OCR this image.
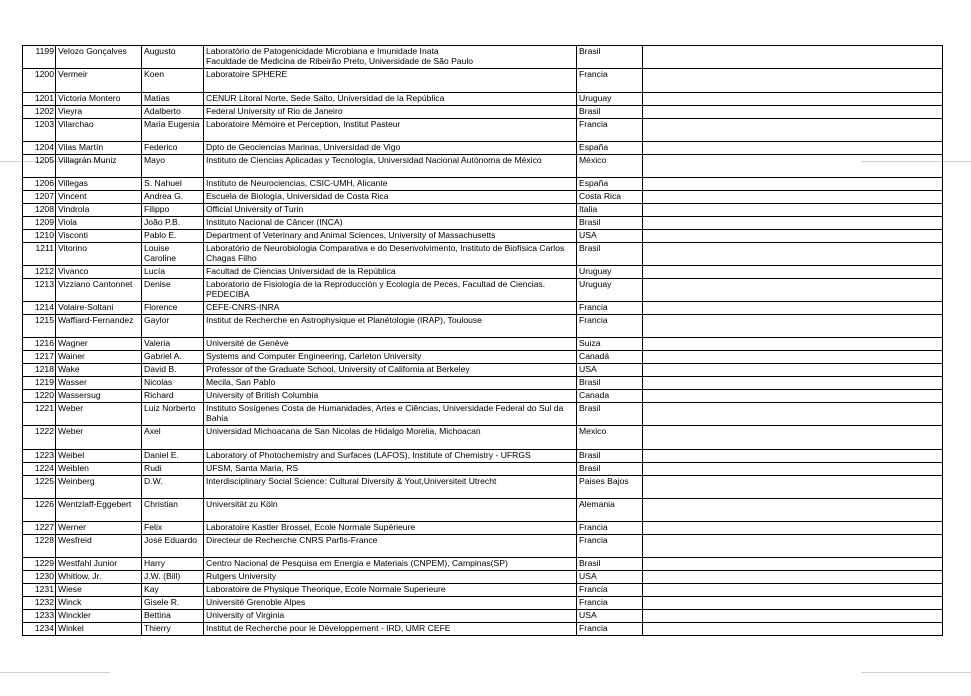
1199	Velozo Gonçalves	Augusto	Laboratório de Patogenicidade Microbiana e Imunidade Inata
Faculdade de Medicina de Ribeirão Preto, Universidade de São Paulo	Brasil	
1200	Vermeir	Koen	Laboratoire SPHERE	Francia	
1201	Victoria Montero	Matías	CENUR Litoral Norte, Sede Salto, Universidad de la República	Uruguay	
1202	Vieyra	Adalberto	Federal University of Rio de Janeiro	Brasil	
1203	Vilarchao	Maria Eugenia	Laboratoire Mémoire et Perception, Institut Pasteur	Francia	
1204	Vilas Martín	Federico	Dpto de Geociencias Marinas, Universidad de Vigo	España	
1205	Villagrán Muniz	Mayo	Instituto de Ciencias Aplicadas y Tecnología, Universidad Nacional Autónoma de México	México	
1206	Villegas	S. Nahuel	Instituto de Neurociencias, CSIC-UMH, Alicante	España	
1207	Vincent	Andrea G.	Escuela de Biología, Universidad de Costa Rica	Costa Rica	
1208	Vindrola	Filippo	Official University of Turin	Italia	
1209	Viola	João P.B.	Instituto Nacional de Câncer (INCA)	Brasil	
1210	Visconti	Pablo E.	Department of Veterinary and Animal Sciences, University of Massachusetts	USA	
1211	Vitorino	Louise Caroline	Laboratório de Neurobiologia Comparativa e do Desenvolvimento, Instituto de Biofísica Carlos Chagas Filho	Brasil	
1212	Vivanco	Lucía	Facultad de Ciencias Universidad de la República	Uruguay	
1213	Vizziano Cantonnet	Denise	Laboratorio de Fisiología de la Reproducción y Ecología de Peces, Facultad de Ciencias. PEDECIBA	Uruguay	
1214	Volaire-Soltani	Florence	CEFE-CNRS-INRA	Francia	
1215	Waffiard-Fernandez	Gaylor	Institut de Recherche en Astrophysique et Planétologie (IRAP), Toulouse	Francia	
1216	Wagner	Valeria	Université de Genève	Suiza	
1217	Wainer	Gabriel A.	Systems and Computer Engineering, Carleton University	Canadá	
1218	Wake	David B.	Professor of the Graduate School, University of California at Berkeley	USA	
1219	Wasser	Nicolas	Mecila, San Pablo	Brasil	
1220	Wassersug	Richard	University of British Columbia	Canada	
1221	Weber	Luiz Norberto	Instituto Sosígenes Costa de Humanidades, Artes e Ciências, Universidade Federal do Sul da Bahia	Brasil	
1222	Weber	Axel	Universidad Michoacana de San Nicolas de Hidalgo Morelia, Michoacan	Mexico	
1223	Weibel	Daniel E.	Laboratory of Photochemistry and Surfaces (LAFOS), Institute of Chemistry - UFRGS	Brasil	
1224	Weiblen	Rudi	UFSM, Santa Maria, RS	Brasil	
1225	Weinberg	D.W.	Interdisciplinary Social Science: Cultural Diversity & Yout,Universiteit Utrecht	Paises Bajos	
1226	Wentzlaff-Eggebert	Christian	Universität zu Köln	Alemania	
1227	Werner	Felix	Laboratoire Kastler Brossel, Ecole Normale Supérieure	Francia	
1228	Wesfreid	José Eduardo	Directeur de Recherche CNRS Parfis-France	Francia	
1229	Westfahl Junior	Harry	Centro Nacional de Pesquisa em Energia e Materiais (CNPEM), Campinas(SP)	Brasil	
1230	Whitlow, Jr.	J.W. (Bill)	Rutgers University	USA	
1231	Wiese	Kay	Laboratoire de Physique Theorique, Ecole Normale Superieure	Francia	
1232	Winck	Gisele R.	Université Grenoble Alpes	Francia	
1233	Winckler	Bettina	University of Virginia	USA	
1234	Winkel	Thierry	Institut de Recherche pour le Développement - IRD, UMR CEFE	Francia	
